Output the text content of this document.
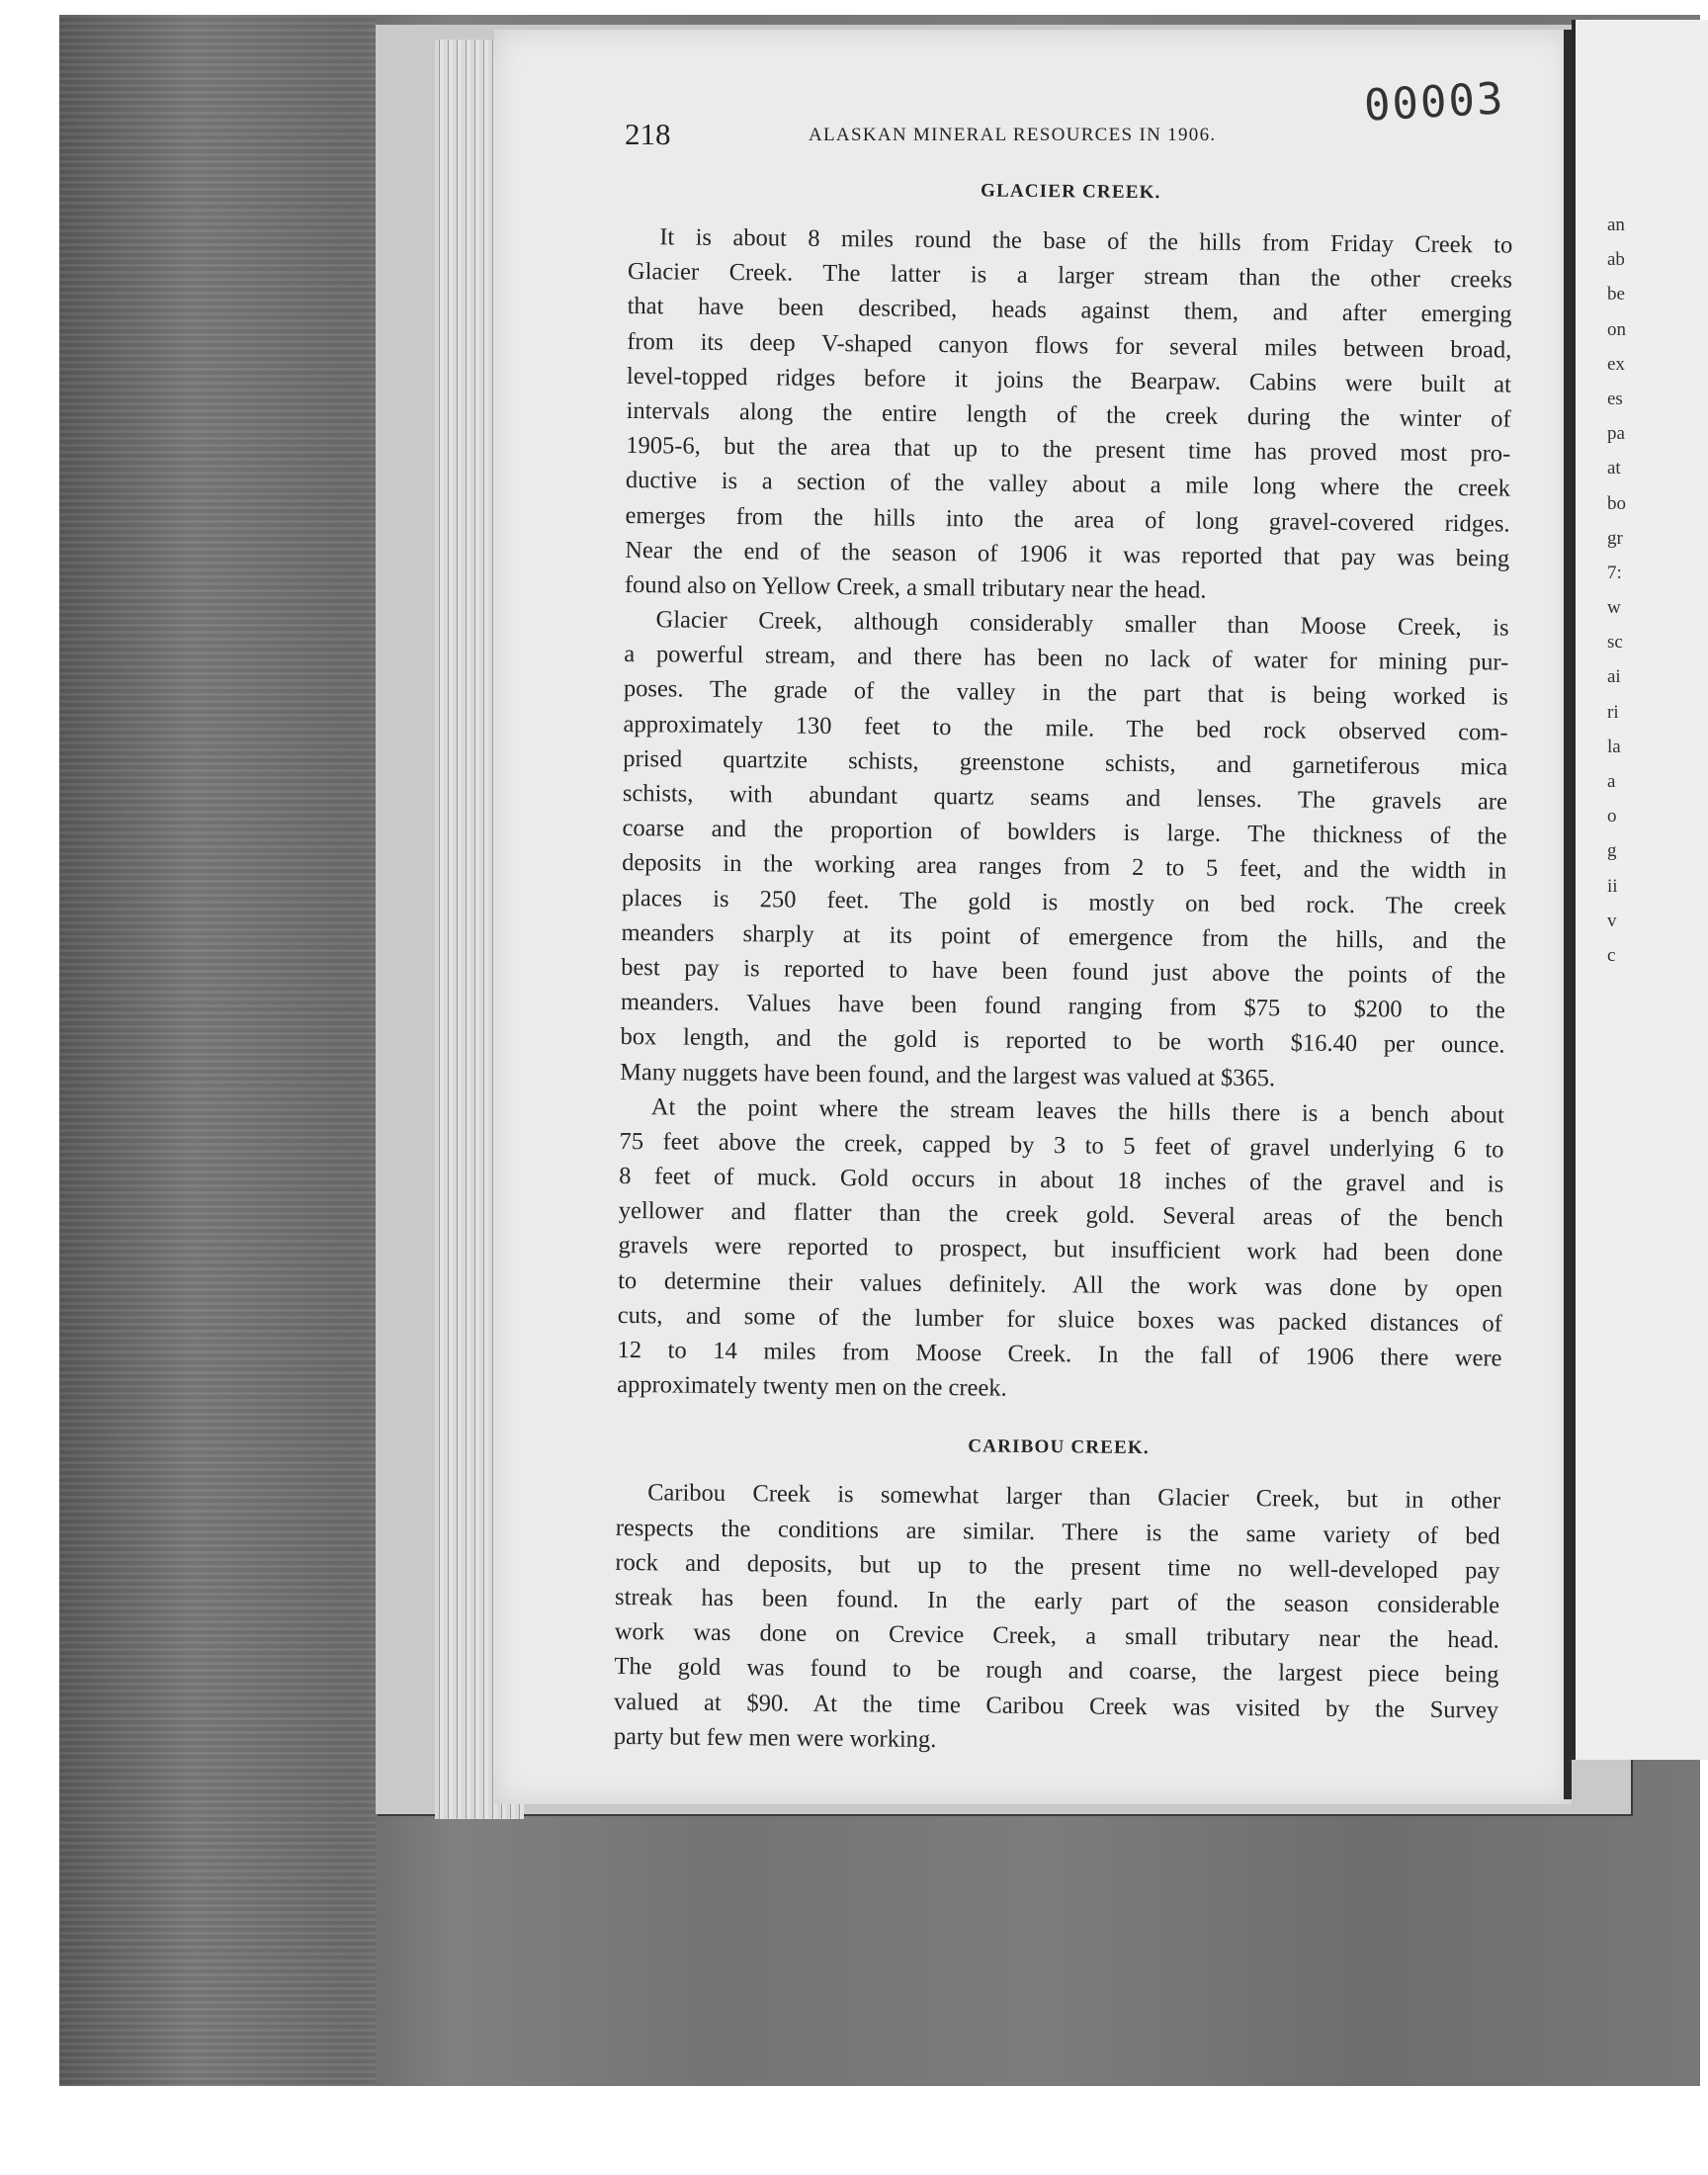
an
ab
be
on
ex
es
pa
at
bo
gr
7:
w
sc
ai
ri
la
a
o
g
ii
v
c
00003
218	ALASKAN MINERAL RESOURCES IN 1906.
GLACIER CREEK.
It is about 8 miles round the base of the hills from Friday Creek to
Glacier Creek. The latter is a larger stream than the other creeks
that have been described, heads against them, and after emerging
from its deep V-shaped canyon flows for several miles between broad,
level-topped ridges before it joins the Bearpaw. Cabins were built at
intervals along the entire length of the creek during the winter of
1905-6, but the area that up to the present time has proved most pro-
ductive is a section of the valley about a mile long where the creek
emerges from the hills into the area of long gravel-covered ridges.
Near the end of the season of 1906 it was reported that pay was being
found also on Yellow Creek, a small tributary near the head.
Glacier Creek, although considerably smaller than Moose Creek, is
a powerful stream, and there has been no lack of water for mining pur-
poses. The grade of the valley in the part that is being worked is
approximately 130 feet to the mile. The bed rock observed com-
prised quartzite schists, greenstone schists, and garnetiferous mica
schists, with abundant quartz seams and lenses. The gravels are
coarse and the proportion of bowlders is large. The thickness of the
deposits in the working area ranges from 2 to 5 feet, and the width in
places is 250 feet. The gold is mostly on bed rock. The creek
meanders sharply at its point of emergence from the hills, and the
best pay is reported to have been found just above the points of the
meanders. Values have been found ranging from $75 to $200 to the
box length, and the gold is reported to be worth $16.40 per ounce.
Many nuggets have been found, and the largest was valued at $365.
At the point where the stream leaves the hills there is a bench about
75 feet above the creek, capped by 3 to 5 feet of gravel underlying 6 to
8 feet of muck. Gold occurs in about 18 inches of the gravel and is
yellower and flatter than the creek gold. Several areas of the bench
gravels were reported to prospect, but insufficient work had been done
to determine their values definitely. All the work was done by open
cuts, and some of the lumber for sluice boxes was packed distances of
12 to 14 miles from Moose Creek. In the fall of 1906 there were
approximately twenty men on the creek.
CARIBOU CREEK.
Caribou Creek is somewhat larger than Glacier Creek, but in other
respects the conditions are similar. There is the same variety of bed
rock and deposits, but up to the present time no well-developed pay
streak has been found. In the early part of the season considerable
work was done on Crevice Creek, a small tributary near the head.
The gold was found to be rough and coarse, the largest piece being
valued at $90. At the time Caribou Creek was visited by the Survey
party but few men were working.
